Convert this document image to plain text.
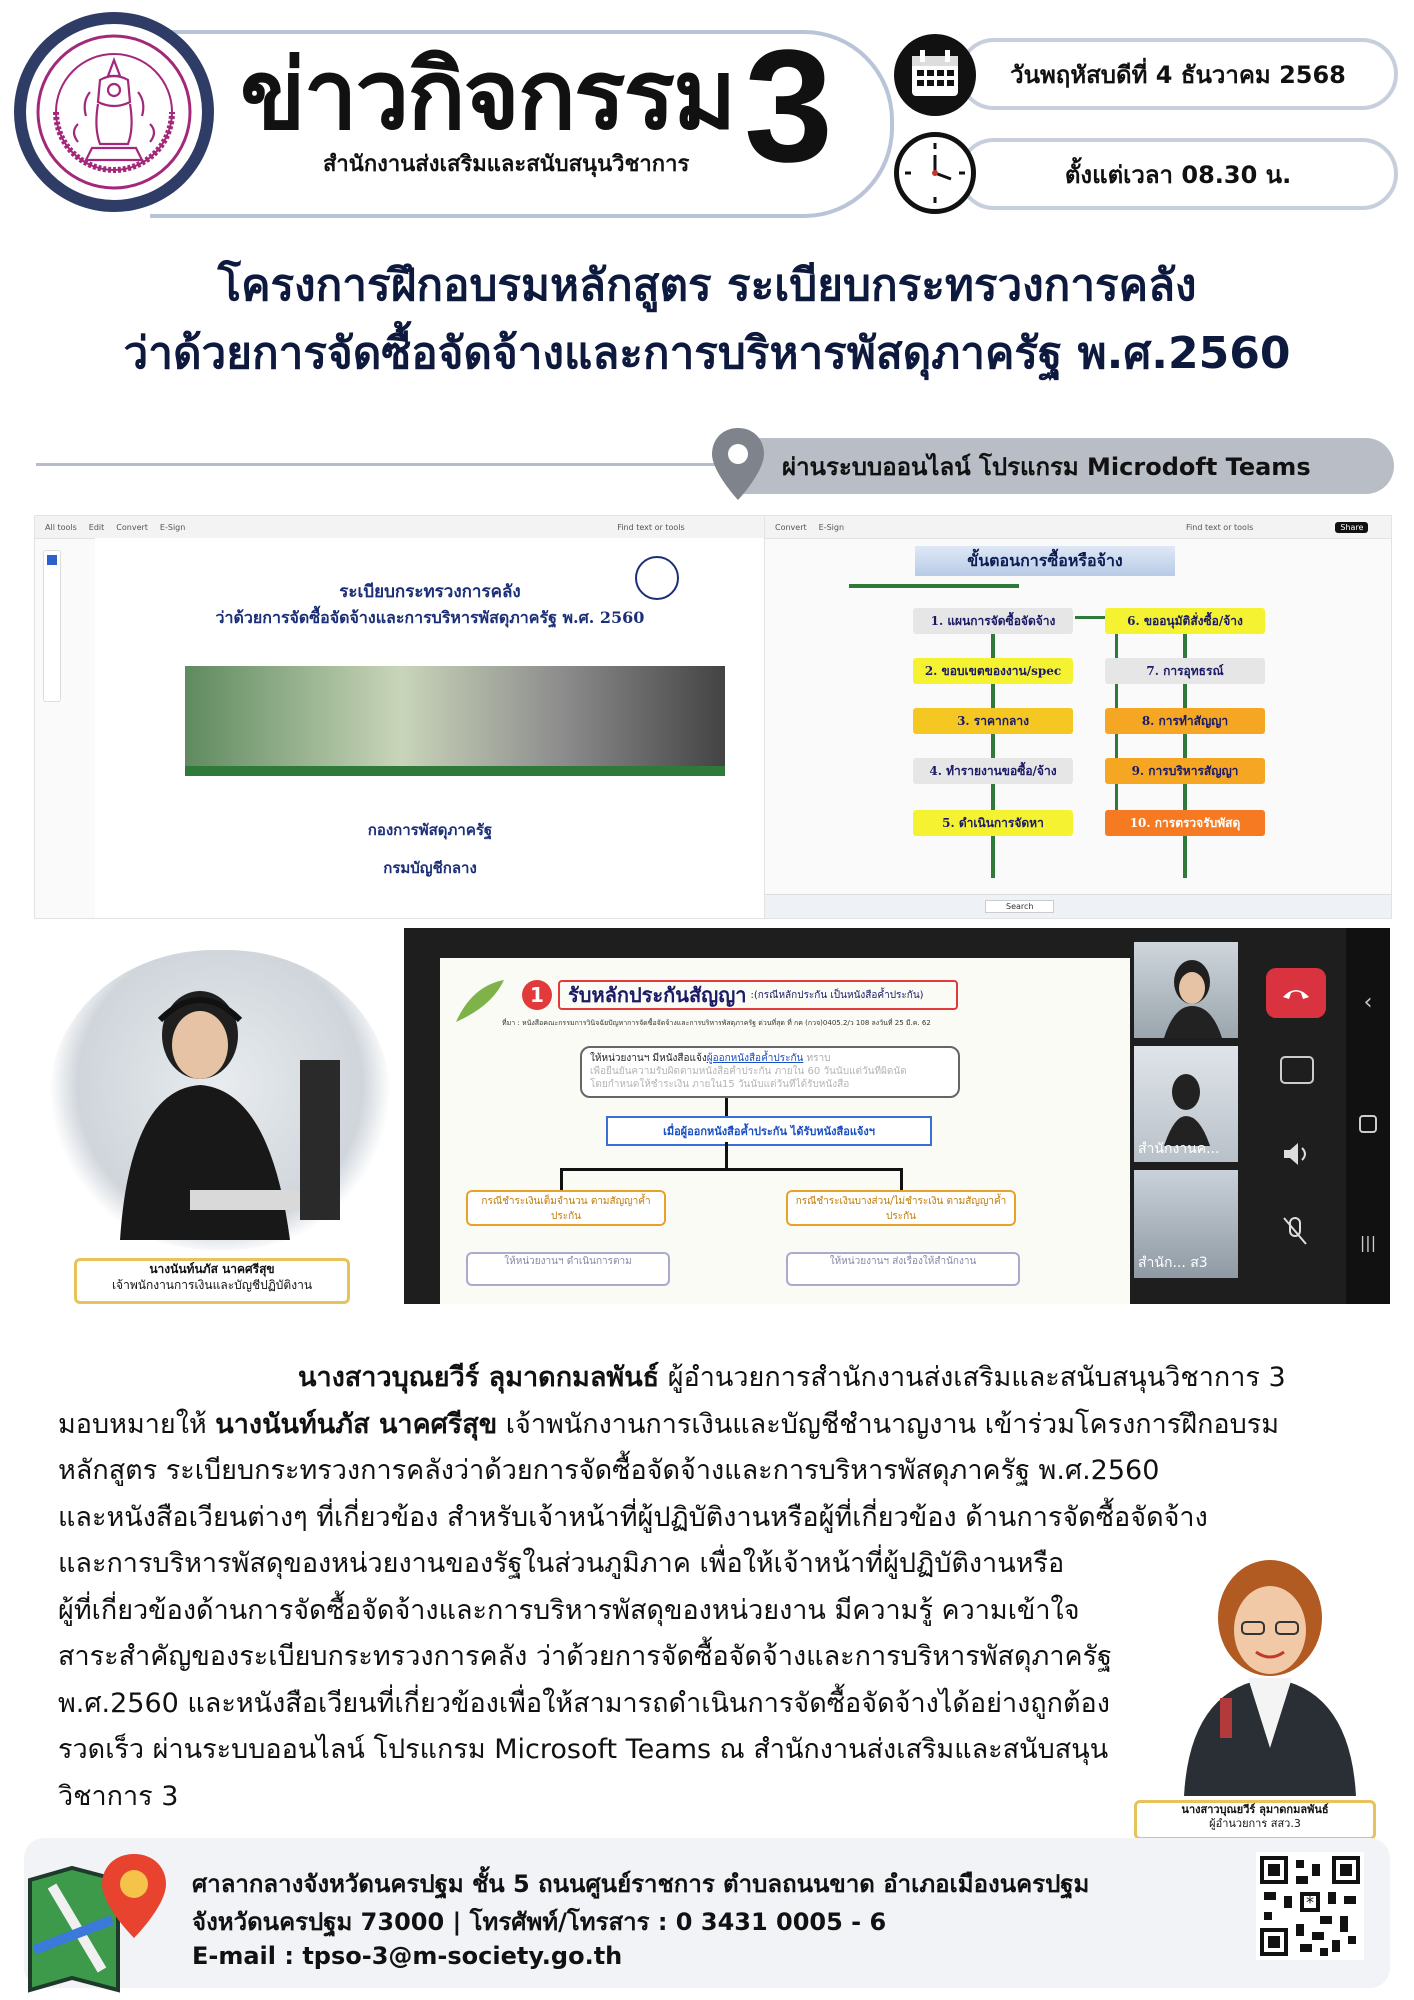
ข่าวกิจกรรม 3
สำนักงานส่งเสริมและสนับสนุนวิชาการ
วันพฤหัสบดีที่ 4 ธันวาคม 2568
ตั้งแต่เวลา 08.30 น.
โครงการฝึกอบรมหลักสูตร ระเบียบกระทรวงการคลัง
ว่าด้วยการจัดซื้อจัดจ้างและการบริหารพัสดุภาครัฐ พ.ศ.2560
ผ่านระบบออนไลน์ โปรแกรม Microdoft Teams
All tools Edit Convert E-Sign	Find text or tools
ระเบียบกระทรวงการคลัง
ว่าด้วยการจัดซื้อจัดจ้างและการบริหารพัสดุภาครัฐ พ.ศ. 2560
กองการพัสดุภาครัฐ
กรมบัญชีกลาง
Convert E-Sign	Find text or tools	Share
ขั้นตอนการซื้อหรือจ้าง
1. แผนการจัดซื้อจัดจ้าง
2. ขอบเขตของงาน/spec
3. ราคากลาง
4. ทำรายงานขอซื้อ/จ้าง
5. ดำเนินการจัดหา
6. ขออนุมัติสั่งซื้อ/จ้าง
7. การอุทธรณ์
8. การทำสัญญา
9. การบริหารสัญญา
10. การตรวจรับพัสดุ
Search
นางนันท์นภัส นาคศรีสุข
เจ้าพนักงานการเงินและบัญชีปฏิบัติงาน
1	รับหลักประกันสัญญา :(กรณีหลักประกัน เป็นหนังสือค้ำประกัน)
ที่มา : หนังสือคณะกรรมการวินิจฉัยปัญหาการจัดซื้อจัดจ้างและการบริหารพัสดุภาครัฐ ด่วนที่สุด ที่ กค (กวจ)0405.2/ว 108 ลงวันที่ 25 มี.ค. 62
ให้หน่วยงานฯ มีหนังสือแจ้งผู้ออกหนังสือค้ำประกัน ทราบ
เพื่อยืนยันความรับผิดตามหนังสือค้ำประกัน ภายใน 60 วันนับแต่วันที่ผิดนัด
โดยกำหนดให้ชำระเงิน ภายใน15 วันนับแต่วันที่ได้รับหนังสือ
เมื่อผู้ออกหนังสือค้ำประกัน ได้รับหนังสือแจ้งฯ
กรณีชำระเงินเต็มจำนวน ตามสัญญาค้ำประกัน
กรณีชำระเงินบางส่วน/ไม่ชำระเงิน ตามสัญญาค้ำประกัน
ให้หน่วยงานฯ ดำเนินการตาม	ให้หน่วยงานฯ ส่งเรื่องให้สำนักงาน
สำนักงานค...
สำนัก... ส3
‹
|||

นางสาวบุณยวีร์ ลุมาดกมลพันธ์ ผู้อำนวยการสำนักงานส่งเสริมและสนับสนุนวิชาการ 3

มอบหมายให้ นางนันท์นภัส นาคศรีสุข เจ้าพนักงานการเงินและบัญชีชำนาญงาน เข้าร่วมโครงการฝึกอบรม

หลักสูตร ระเบียบกระทรวงการคลังว่าด้วยการจัดซื้อจัดจ้างและการบริหารพัสดุภาครัฐ พ.ศ.2560

และหนังสือเวียนต่างๆ ที่เกี่ยวข้อง สำหรับเจ้าหน้าที่ผู้ปฏิบัติงานหรือผู้ที่เกี่ยวข้อง ด้านการจัดซื้อจัดจ้าง

และการบริหารพัสดุของหน่วยงานของรัฐในส่วนภูมิภาค เพื่อให้เจ้าหน้าที่ผู้ปฏิบัติงานหรือ

ผู้ที่เกี่ยวข้องด้านการจัดซื้อจัดจ้างและการบริหารพัสดุของหน่วยงาน มีความรู้ ความเข้าใจ

สาระสำคัญของระเบียบกระทรวงการคลัง ว่าด้วยการจัดซื้อจัดจ้างและการบริหารพัสดุภาครัฐ

พ.ศ.2560 และหนังสือเวียนที่เกี่ยวข้องเพื่อให้สามารถดำเนินการจัดซื้อจัดจ้างได้อย่างถูกต้อง

รวดเร็ว ผ่านระบบออนไลน์ โปรแกรม Microsoft Teams ณ สำนักงานส่งเสริมและสนับสนุน

วิชาการ 3	นางสาวบุณยวีร์ ลุมาดกมลพันธ์
ผู้อำนวยการ สสว.3
ศาลากลางจังหวัดนครปฐม ชั้น 5 ถนนศูนย์ราชการ ตำบลถนนขาด อำเภอเมืองนครปฐม
จังหวัดนครปฐม 73000 | โทรศัพท์/โทรสาร : 0 3431 0005 - 6
E-mail : tpso-3@m-society.go.th
*
